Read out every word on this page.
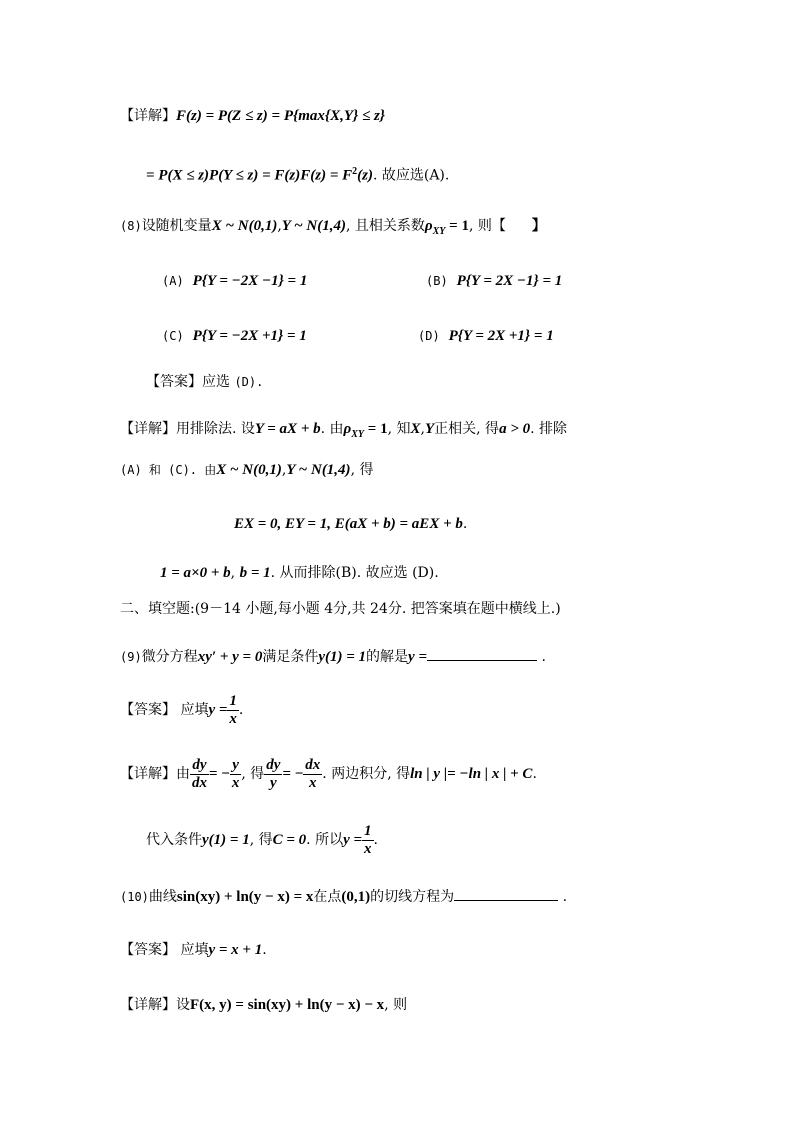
【详解】F(z) = P(Z ≤ z) = P{max{X,Y} ≤ z}
= $P(X \le z)P(Y \le z) = F(z)F(z) = F^2(z)$. 故应选(A).
(8)设随机变量X ~ N(0,1),Y ~ N(1,4), 且相关系数$\rho_{XY} = 1$, 则【 】
(A) P{Y = −2X −1} = 1	(B) P{Y = 2X −1} = 1
(C) P{Y = −2X +1} = 1	(D) P{Y = 2X +1} = 1
【答案】应选 (D).
【详解】用排除法. 设Y = aX + b. 由$\rho_{XY} = 1$, 知X,Y正相关, 得a > 0. 排除
(A) 和 (C). 由X ~ N(0,1),Y ~ N(1,4), 得
EX = 0, EY = 1, E(aX + b) = aEX + b.
1 = a×0 + b, b = 1. 从而排除(B). 故应选 (D).
二、填空题:(9－14 小题,每小题 4分,共 24分. 把答案填在题中横线上.)
(9)微分方程xy′ + y = 0满足条件y(1) = 1的解是y =	.
【答案】 应填$y = \frac{1}{x}$ .
【详解】由 $\frac{dy}{dx}$ = − $\frac{y}{x}$ , 得 $\frac{dy}{y}$ = − $\frac{dx}{x}$ . 两边积分, 得ln | y |= −ln | x | + C.
代入条件y(1) = 1, 得C = 0. 所以$y = \frac{1}{x}$ .
(10)曲线sin(xy) + ln(y − x) = x在点(0,1)的切线方程为	.
【答案】 应填y = x + 1.
【详解】设F(x, y) = sin(xy) + ln(y − x) − x, 则
